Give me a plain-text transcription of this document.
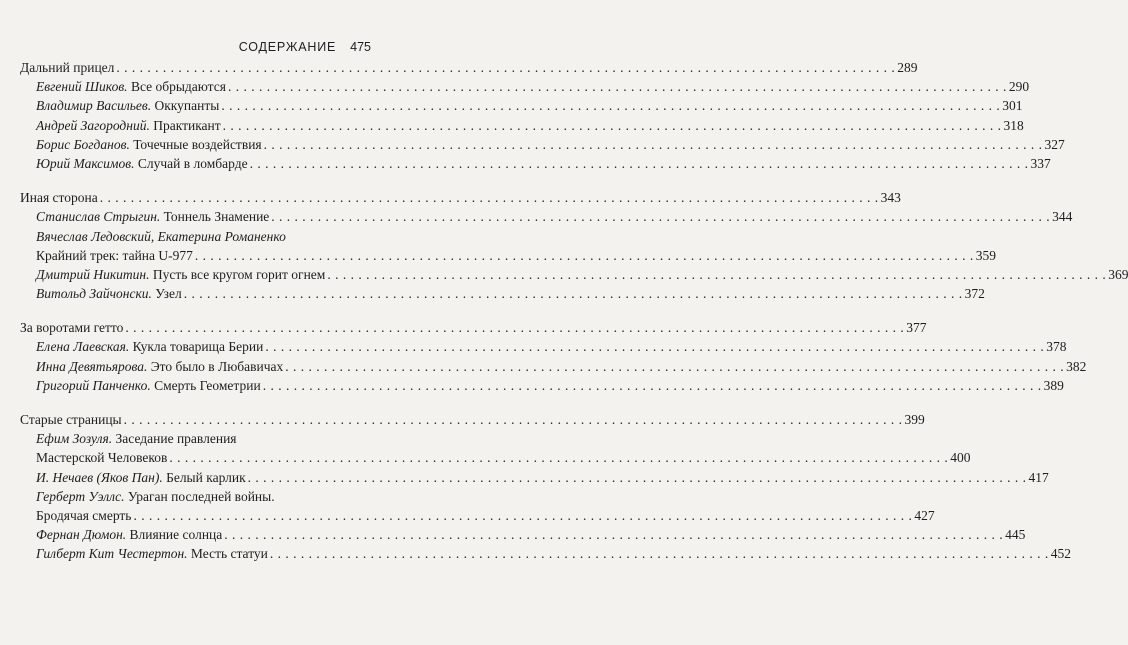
СОДЕРЖАНИЕ 475
Дальний прицел . . .	289
Евгений Шиков. Все обрыдаются . . .	290
Владимир Васильев. Оккупанты . . .	301
Андрей Загородний. Практикант . . .	318
Борис Богданов. Точечные воздействия . . .	327
Юрий Максимов. Случай в ломбарде . . .	337
Иная сторона . . .	343
Станислав Стрыгин. Тоннель Знамение . . .	344
Вячеслав Ледовский, Екатерина Романенко
Крайний трек: тайна U-977 . . .	359
Дмитрий Никитин. Пусть все кругом горит огнем . . .	369
Витольд Зайчонски. Узел . . .	372
За воротами гетто . . .	377
Елена Лаевская. Кукла товарища Берии . . .	378
Инна Девятьярова. Это было в Любавичах . . .	382
Григорий Панченко. Смерть Геометрии . . .	389
Старые страницы . . .	399
Ефим Зозуля. Заседание правления
Мастерской Человеков . . .	400
И. Нечаев (Яков Пан). Белый карлик . . .	417
Герберт Уэллс. Ураган последней войны.
Бродячая смерть . . .	427
Фернан Дюмон. Влияние солнца . . .	445
Гилберт Кит Честертон. Месть статуи . . .	452
